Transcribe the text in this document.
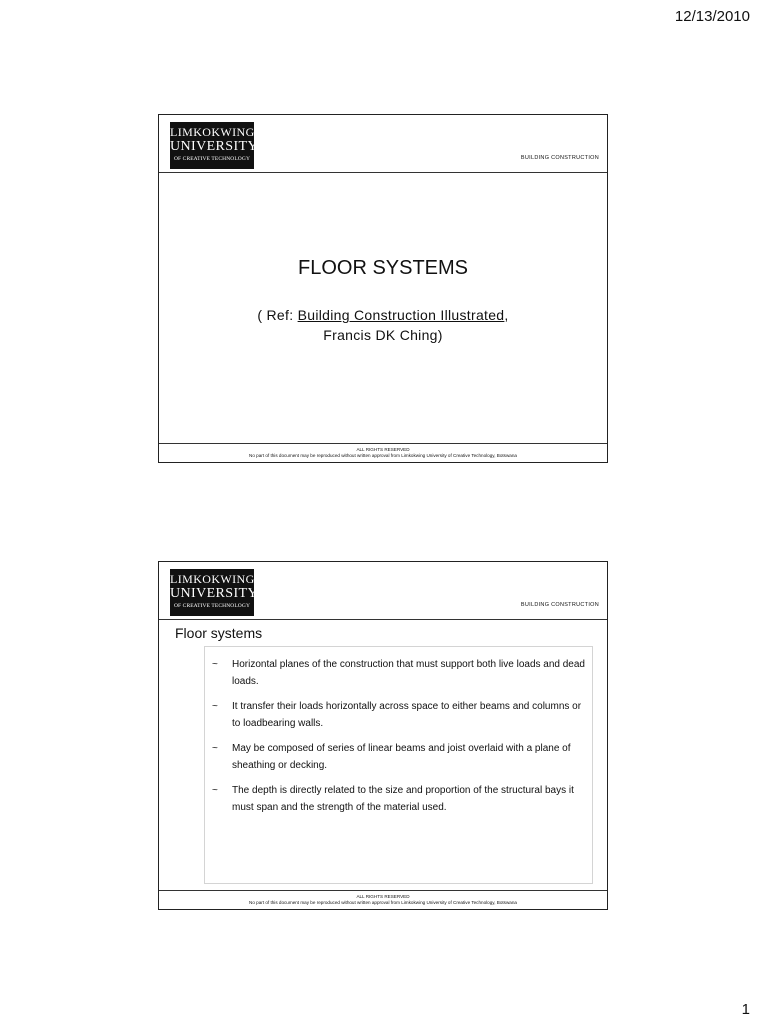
12/13/2010
LIMKOKWING
UNIVERSITY
OF CREATIVE TECHNOLOGY	BUILDING CONSTRUCTION
FLOOR SYSTEMS
( Ref: Building Construction Illustrated,
Francis DK Ching)
ALL RIGHTS RESERVED
No part of this document may be reproduced without written approval from Limkokwing University of Creative Technology, Botswana
LIMKOKWING
UNIVERSITY
OF CREATIVE TECHNOLOGY	BUILDING CONSTRUCTION
Floor systems
~	Horizontal planes of the construction that must support both live loads and dead loads.
~	It transfer their loads horizontally across space to either beams and columns or to loadbearing walls.
~	May be composed of series of linear beams and joist overlaid with a plane of sheathing or decking.
~	The depth is directly related to the size and proportion of the structural bays it must span and the strength of the material used.
ALL RIGHTS RESERVED
No part of this document may be reproduced without written approval from Limkokwing University of Creative Technology, Botswana
1
